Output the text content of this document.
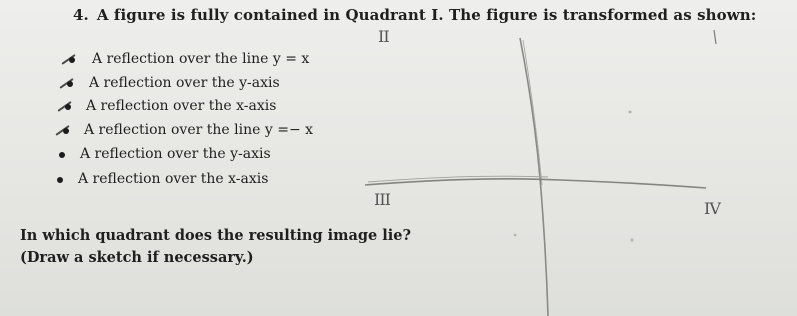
4. A figure is fully contained in Quadrant I. The figure is transformed as shown:
A reflection over the line y = x
A reflection over the y-axis
A reflection over the x-axis
A reflection over the line y =− x
A reflection over the y-axis
A reflection over the x-axis
In which quadrant does the resulting image lie?
(Draw a sketch if necessary.)
II
III	IV
